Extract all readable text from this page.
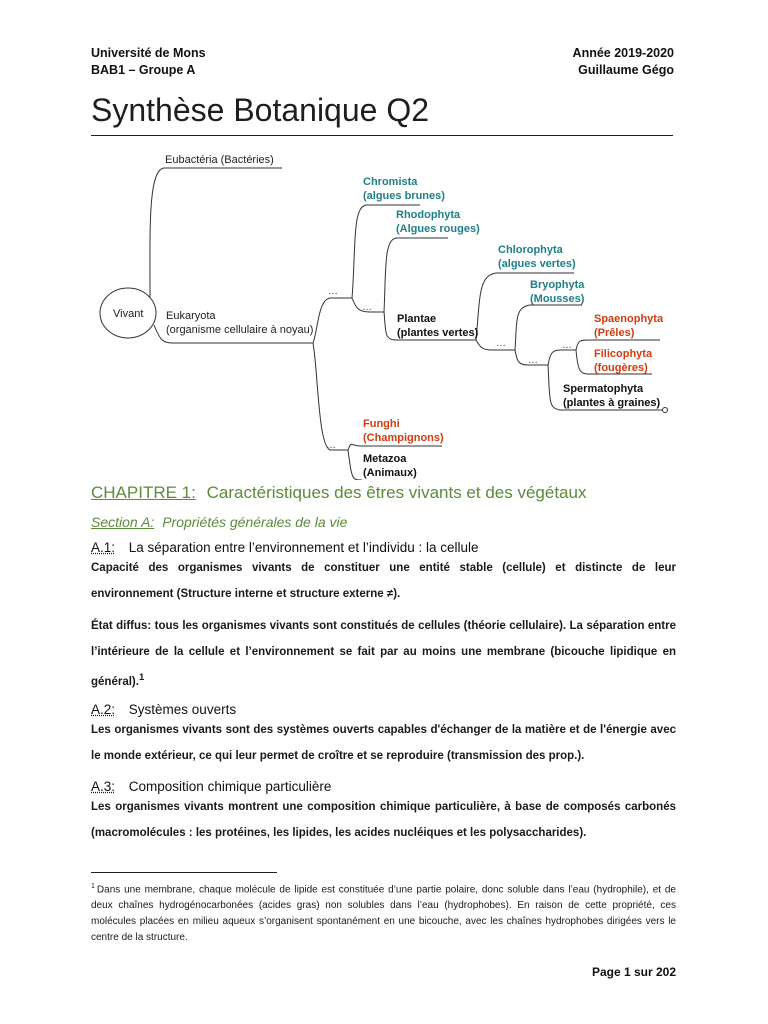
Université de Mons
BAB1 – Groupe A
Année 2019-2020
Guillaume Gégo
Synthèse Botanique Q2
Vivant
…
…
…
…
…
…
Eubactéria (Bactéries)
Eukaryota
(organisme cellulaire à noyau)
Chromista
(algues brunes)
Rhodophyta
(Algues rouges)
Chlorophyta
(algues vertes)
Bryophyta
(Mousses)
Plantae
(plantes vertes)
Spaenophyta
(Prêles)
Filicophyta
(fougères)
Spermatophyta
(plantes à graines)
Funghi
(Champignons)
Metazoa
(Animaux)
CHAPITRE 1: Caractéristiques des êtres vivants et des végétaux
Section A: Propriétés générales de la vie
A.1: La séparation entre l’environnement et l’individu : la cellule

Capacité des organismes vivants de constituer une entité stable (cellule) et distincte de leur environnement (Structure interne et structure externe ≠).

État diffus: tous les organismes vivants sont constitués de cellules (théorie cellulaire). La séparation entre l’intérieure de la cellule et l’environnement se fait par au moins une membrane (bicouche lipidique en général).$^1$

A.2: Systèmes ouverts

Les organismes vivants sont des systèmes ouverts capables d'échanger de la matière et de l'énergie avec le monde extérieur, ce qui leur permet de croître et se reproduire (transmission des prop.).

A.3: Composition chimique particulière

Les organismes vivants montrent une composition chimique particulière, à base de composés carbonés (macromolécules : les protéines, les lipides, les acides nucléiques et les polysaccharides).

$^1$ Dans une membrane, chaque molécule de lipide est constituée d’une partie polaire, donc soluble dans l’eau (hydrophile), et de deux chaînes hydrogénocarbonées (acides gras) non solubles dans l’eau (hydrophobes). En raison de cette propriété, ces molécules placées en milieu aqueux s’organisent spontanément en une bicouche, avec les chaînes hydrophobes dirigées vers le centre de la structure.

Page 1 sur 202
